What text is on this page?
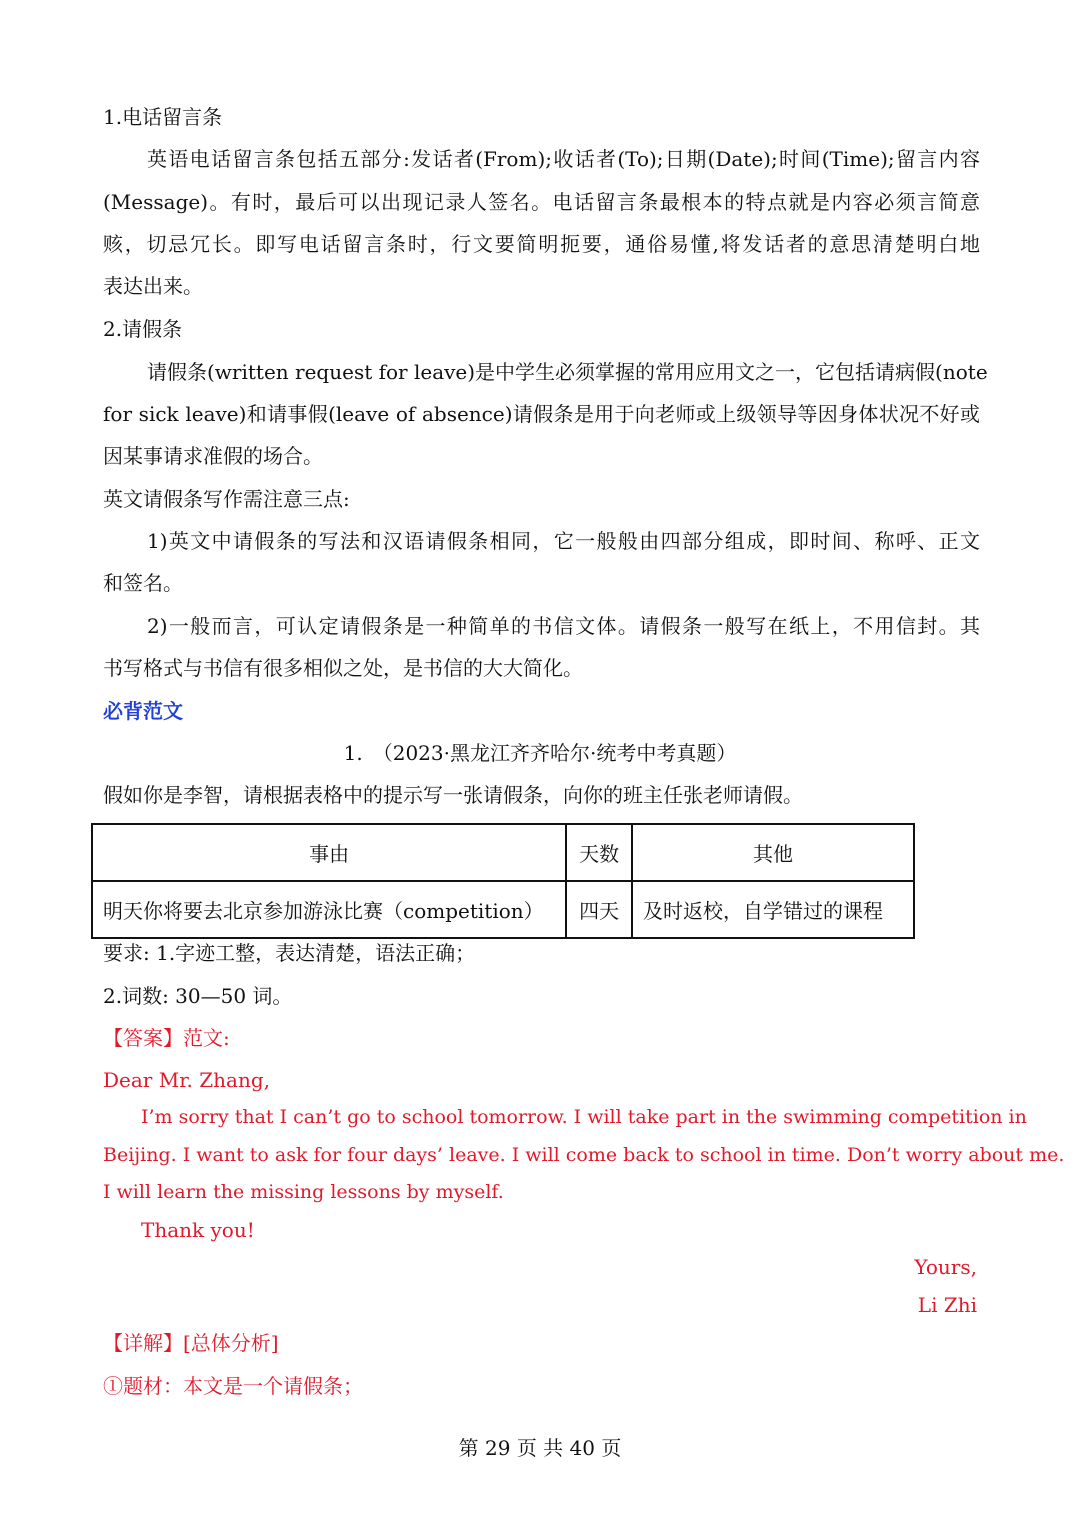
1.电话留言条
英语电话留言条包括五部分:发话者(From);收话者(To);日期(Date);时间(Time);留言内容
(Message)。有时，最后可以出现记录人签名。电话留言条最根本的特点就是内容必须言简意
赅，切忌冗长。即写电话留言条时，行文要简明扼要，通俗易懂,将发话者的意思清楚明白地
表达出来。
2.请假条
请假条(written request for leave)是中学生必须掌握的常用应用文之一，它包括请病假(note
for sick leave)和请事假(leave of absence)请假条是用于向老师或上级领导等因身体状况不好或
因某事请求准假的场合。
英文请假条写作需注意三点:
1)英文中请假条的写法和汉语请假条相同，它一般般由四部分组成，即时间、称呼、正文
和签名。
2)一般而言，可认定请假条是一种简单的书信文体。请假条一般写在纸上，不用信封。其
书写格式与书信有很多相似之处，是书信的大大简化。
必背范文
1.　（2023·黑龙江齐齐哈尔·统考中考真题）
假如你是李智，请根据表格中的提示写一张请假条，向你的班主任张老师请假。
事由	天数	其他
明天你将要去北京参加游泳比赛（competition）	四天	及时返校，自学错过的课程
要求: 1.字迹工整，表达清楚，语法正确；
2.词数: 30—50 词。
【答案】范文:
Dear Mr. Zhang,
I’m sorry that I can’t go to school tomorrow. I will take part in the swimming competition in
Beijing. I want to ask for four days’ leave. I will come back to school in time. Don’t worry about me.
I will learn the missing lessons by myself.
Thank you!
Yours,
Li Zhi
【详解】[总体分析]
①题材：本文是一个请假条；
第 29 页 共 40 页
